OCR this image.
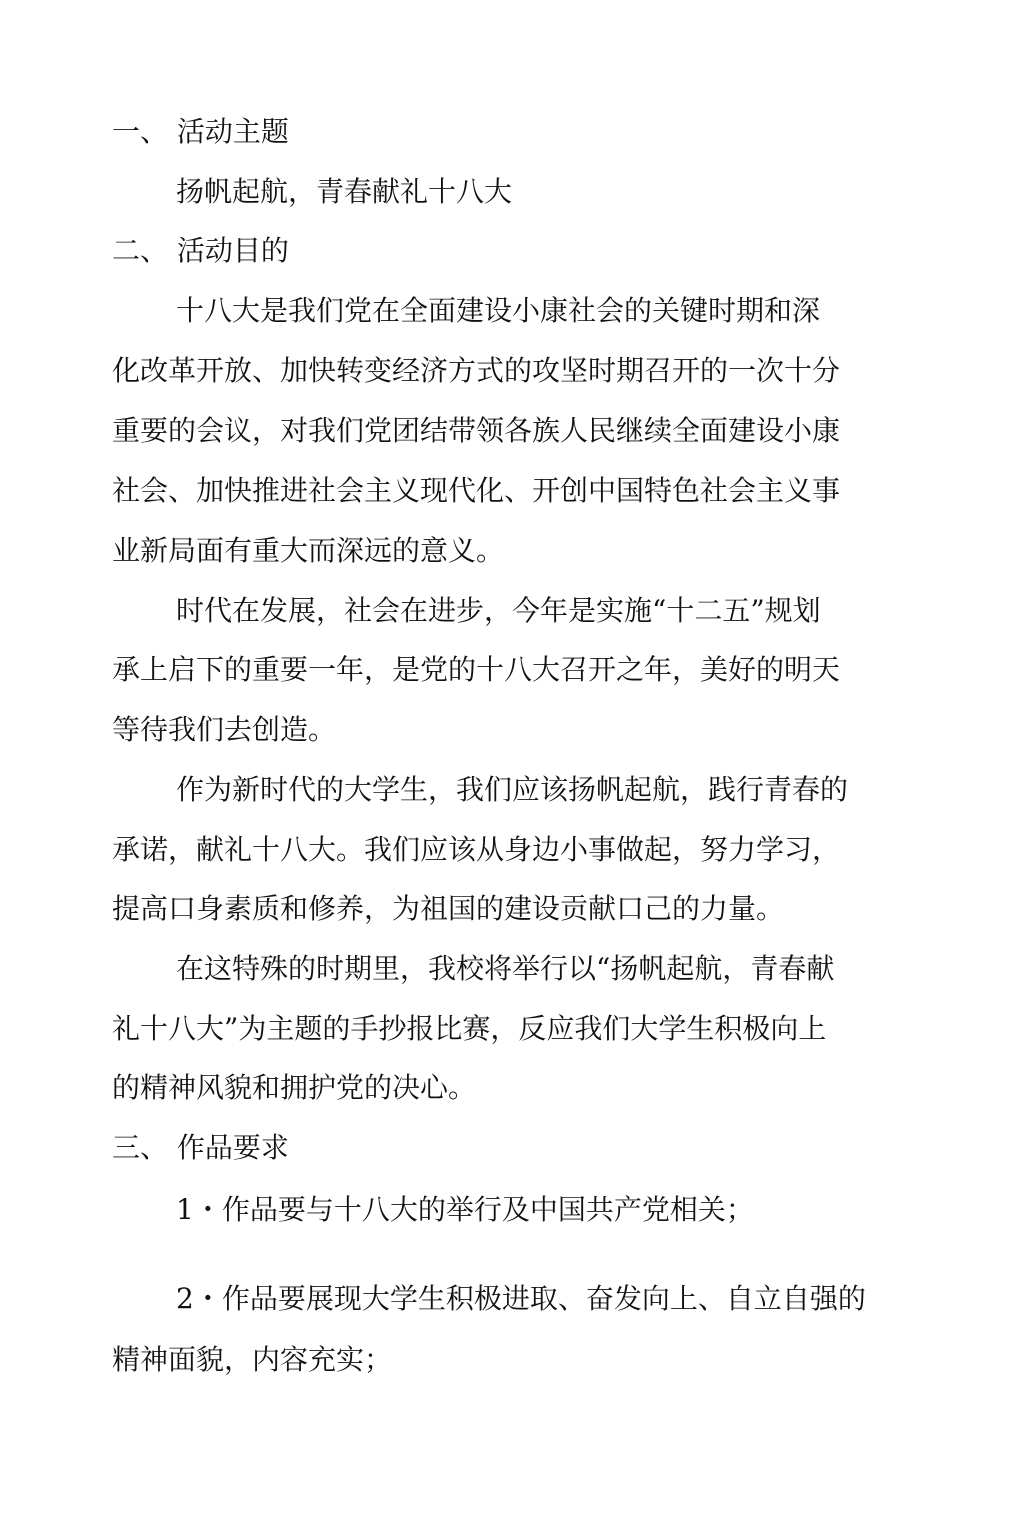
一、 活动主题
扬帆起航，青春献礼十八大
二、 活动目的
十八大是我们党在全面建设小康社会的关键时期和深
化改革开放、加快转变经济方式的攻坚时期召开的一次十分
重要的会议，对我们党团结带领各族人民继续全面建设小康
社会、加快推进社会主义现代化、开创中国特色社会主义事
业新局面有重大而深远的意义。
时代在发展，社会在进步，今年是实施“十二五”规划
承上启下的重要一年，是党的十八大召开之年，美好的明天
等待我们去创造。
作为新时代的大学生，我们应该扬帆起航，践行青春的
承诺，献礼十八大。我们应该从身边小事做起，努力学习，
提高口身素质和修养，为祖国的建设贡献口己的力量。
在这特殊的时期里，我校将举行以“扬帆起航，青春献
礼十八大”为主题的手抄报比赛，反应我们大学生积极向上
的精神风貌和拥护党的决心。
三、 作品要求
1・作品要与十八大的举行及中国共产党相关；
2・作品要展现大学生积极进取、奋发向上、自立自强的
精神面貌，内容充实；
